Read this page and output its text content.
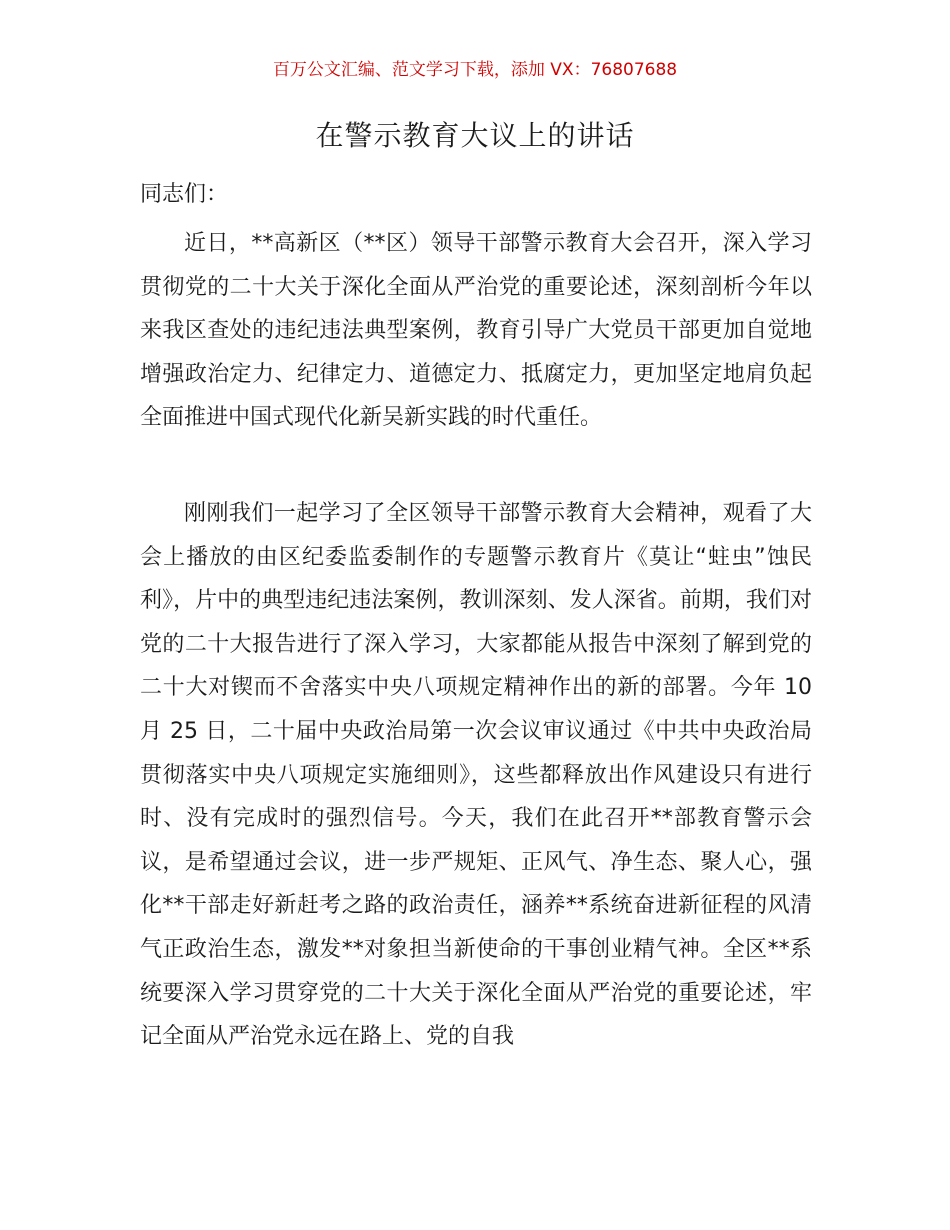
百万公文汇编、范文学习下载，添加 VX：76807688

在警示教育大议上的讲话

同志们：

近日，**高新区（**区）领导干部警示教育大会召开，深入学习贯彻党的二十大关于深化全面从严治党的重要论述，深刻剖析今年以来我区查处的违纪违法典型案例，教育引导广大党员干部更加自觉地增强政治定力、纪律定力、道德定力、抵腐定力，更加坚定地肩负起全面推进中国式现代化新吴新实践的时代重任。

刚刚我们一起学习了全区领导干部警示教育大会精神，观看了大会上播放的由区纪委监委制作的专题警示教育片《莫让“蛀虫”蚀民利》，片中的典型违纪违法案例，教训深刻、发人深省。前期，我们对党的二十大报告进行了深入学习，大家都能从报告中深刻了解到党的二十大对锲而不舍落实中央八项规定精神作出的新的部署。今年 10 月 25 日，二十届中央政治局第一次会议审议通过《中共中央政治局贯彻落实中央八项规定实施细则》，这些都释放出作风建设只有进行时、没有完成时的强烈信号。今天，我们在此召开**部教育警示会议，是希望通过会议，进一步严规矩、正风气、净生态、聚人心，强化**干部走好新赶考之路的政治责任，涵养**系统奋进新征程的风清气正政治生态，激发**对象担当新使命的干事创业精气神。全区**系统要深入学习贯穿党的二十大关于深化全面从严治党的重要论述，牢记全面从严治党永远在路上、党的自我
